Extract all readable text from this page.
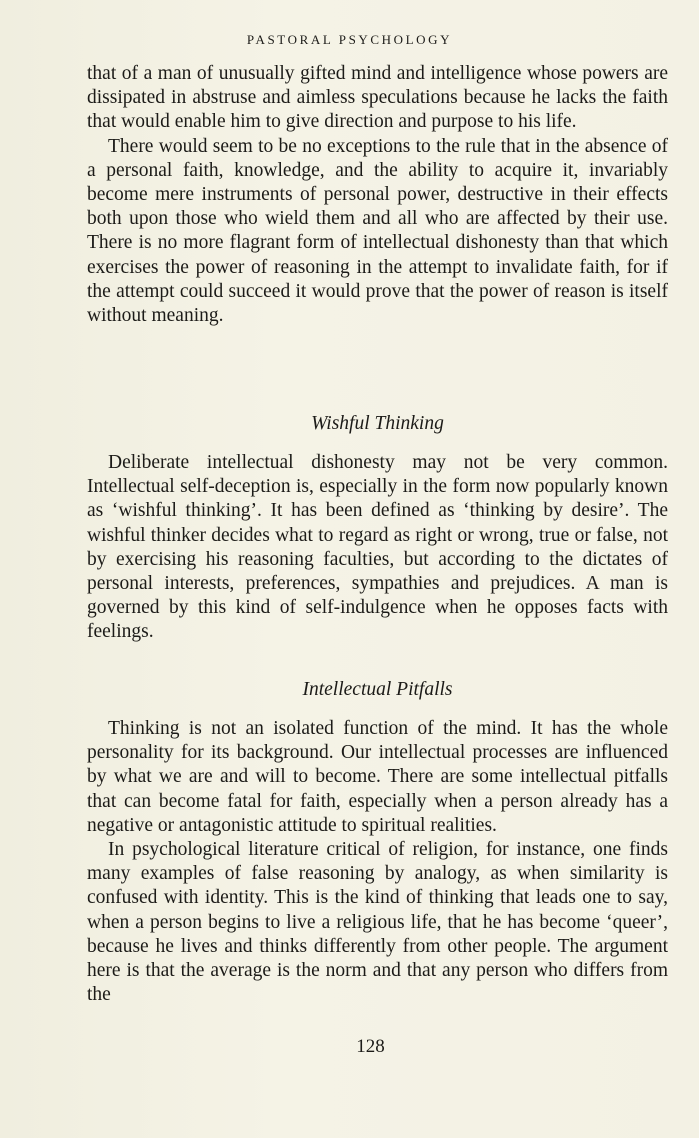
PASTORAL PSYCHOLOGY

that of a man of unusually gifted mind and intelligence whose powers are dissipated in abstruse and aimless speculations because he lacks the faith that would enable him to give direction and purpose to his life.

There would seem to be no exceptions to the rule that in the absence of a personal faith, knowledge, and the ability to acquire it, invariably become mere instruments of personal power, destructive in their effects both upon those who wield them and all who are affected by their use. There is no more flagrant form of intellectual dishonesty than that which exercises the power of reasoning in the attempt to invalidate faith, for if the attempt could succeed it would prove that the power of reason is itself without meaning.

Wishful Thinking

Deliberate intellectual dishonesty may not be very common. Intellectual self-deception is, especially in the form now popularly known as ‘wishful thinking’. It has been defined as ‘thinking by desire’. The wishful thinker decides what to regard as right or wrong, true or false, not by exercising his reasoning faculties, but according to the dictates of personal interests, preferences, sympathies and prejudices. A man is governed by this kind of self-indulgence when he opposes facts with feelings.

Intellectual Pitfalls

Thinking is not an isolated function of the mind. It has the whole personality for its background. Our intellectual processes are influenced by what we are and will to become. There are some intellectual pitfalls that can become fatal for faith, especially when a person already has a negative or antagonistic attitude to spiritual realities.

In psychological literature critical of religion, for instance, one finds many examples of false reasoning by analogy, as when similarity is confused with identity. This is the kind of thinking that leads one to say, when a person begins to live a religious life, that he has become ‘queer’, because he lives and thinks differently from other people. The argument here is that the average is the norm and that any person who differs from the

128
